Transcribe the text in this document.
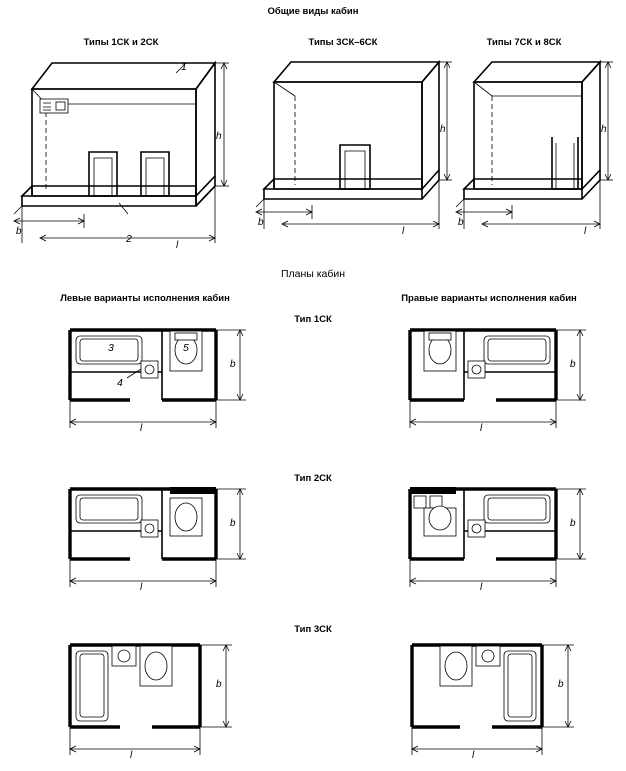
Общие виды кабин
Типы 1СК и 2СК
h
b
l
1
2
Типы 3СК–6СК
h
b
l
Типы 7СК и 8СК
h
b
l
Планы кабин
Левые варианты исполнения кабин	Правые варианты исполнения кабин
Тип 1СК
3
4
5
b
l
b
l
Тип 2СК
b
l
b
l
Тип 3СК
b
l
b
l
